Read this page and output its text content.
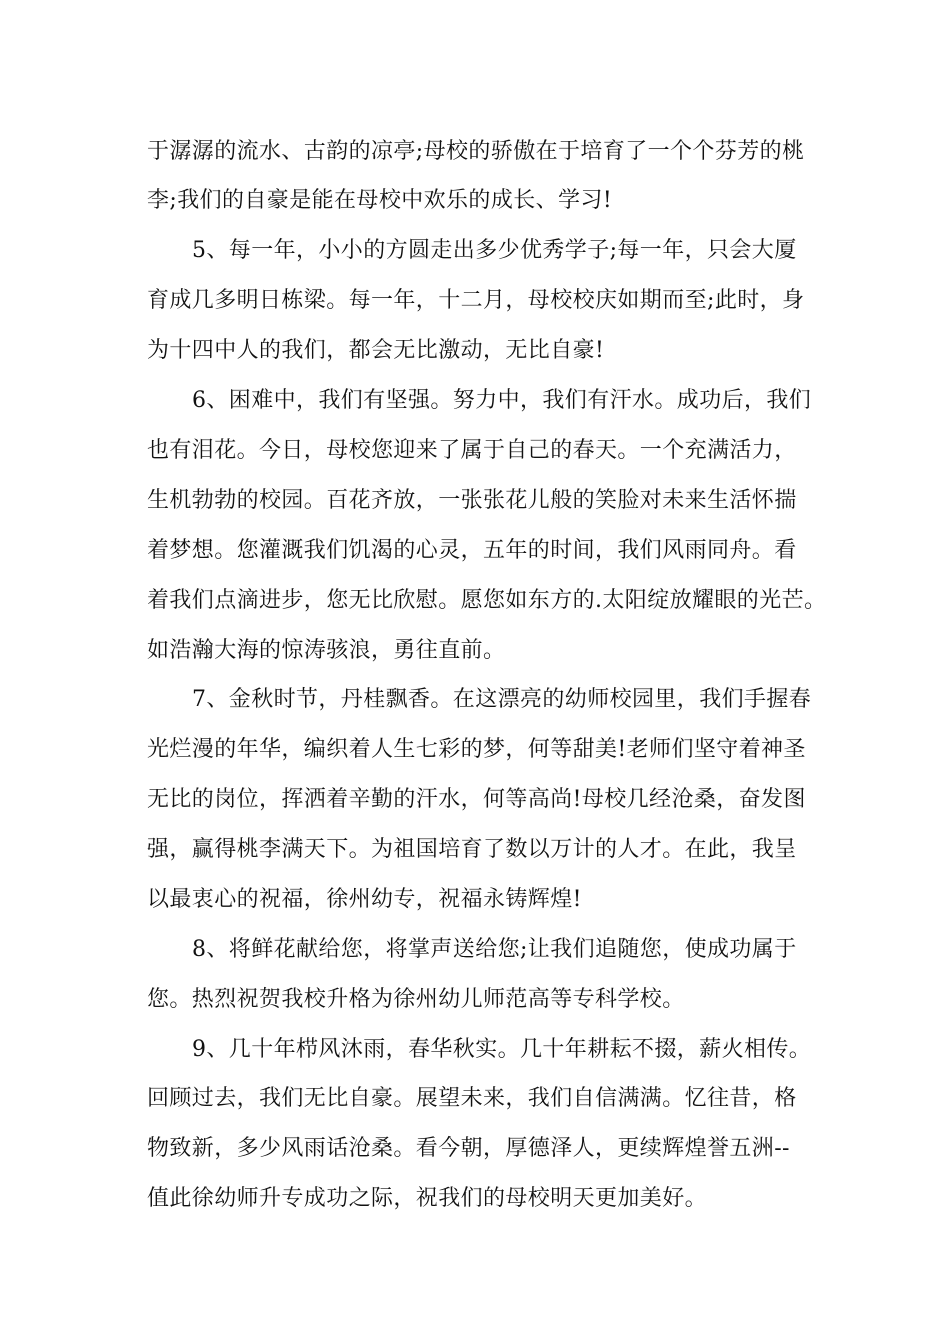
于潺潺的流水、古韵的凉亭;母校的骄傲在于培育了一个个芬芳的桃
李;我们的自豪是能在母校中欢乐的成长、学习!
5、每一年，小小的方圆走出多少优秀学子;每一年，只会大厦
育成几多明日栋梁。每一年，十二月，母校校庆如期而至;此时，身
为十四中人的我们，都会无比激动，无比自豪!
6、困难中，我们有坚强。努力中，我们有汗水。成功后，我们
也有泪花。今日，母校您迎来了属于自己的春天。一个充满活力，
生机勃勃的校园。百花齐放，一张张花儿般的笑脸对未来生活怀揣
着梦想。您灌溉我们饥渴的心灵，五年的时间，我们风雨同舟。看
着我们点滴进步，您无比欣慰。愿您如东方的.太阳绽放耀眼的光芒。
如浩瀚大海的惊涛骇浪，勇往直前。
7、金秋时节，丹桂飘香。在这漂亮的幼师校园里，我们手握春
光烂漫的年华，编织着人生七彩的梦，何等甜美!老师们坚守着神圣
无比的岗位，挥洒着辛勤的汗水，何等高尚!母校几经沧桑，奋发图
强，赢得桃李满天下。为祖国培育了数以万计的人才。在此，我呈
以最衷心的祝福，徐州幼专，祝福永铸辉煌!
8、将鲜花献给您，将掌声送给您;让我们追随您，使成功属于
您。热烈祝贺我校升格为徐州幼儿师范高等专科学校。
9、几十年栉风沐雨，春华秋实。几十年耕耘不掇，薪火相传。
回顾过去，我们无比自豪。展望未来，我们自信满满。忆往昔，格
物致新，多少风雨话沧桑。看今朝，厚德泽人，更续辉煌誉五洲--
值此徐幼师升专成功之际，祝我们的母校明天更加美好。
